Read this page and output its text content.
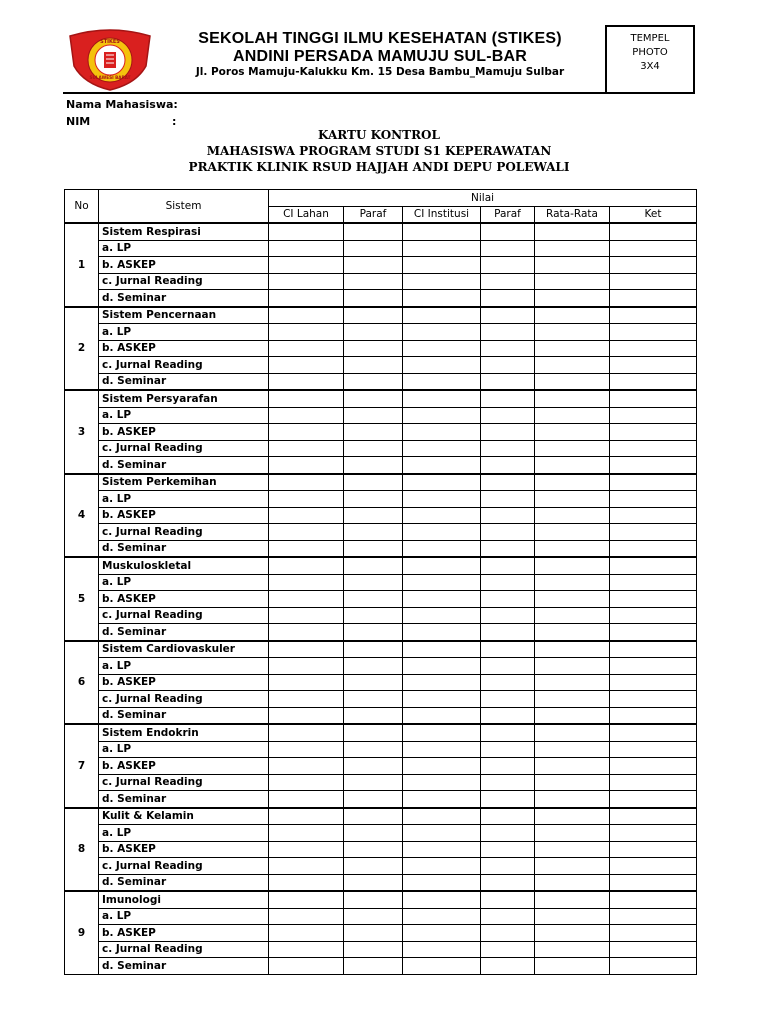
STIKES
SULAWESI BARAT
SEKOLAH TINGGI ILMU KESEHATAN (STIKES)
ANDINI PERSADA MAMUJU SUL-BAR
Jl. Poros Mamuju-Kalukku Km. 15 Desa Bambu_Mamuju Sulbar
TEMPEL
PHOTO
3X4
Nama Mahasiswa:
NIM	:
KARTU KONTROL
MAHASISWA PROGRAM STUDI S1 KEPERAWATAN
PRAKTIK KLINIK RSUD HAJJAH ANDI DEPU POLEWALI
No	Sistem	Nilai					
		CI Lahan	Paraf	CI Institusi	Paraf	Rata-Rata	Ket
1	Sistem Respirasi						
	a. LP						
	b. ASKEP						
	c. Jurnal Reading						
	d. Seminar						
2	Sistem Pencernaan						
	a. LP						
	b. ASKEP						
	c. Jurnal Reading						
	d. Seminar						
3	Sistem Persyarafan						
	a. LP						
	b. ASKEP						
	c. Jurnal Reading						
	d. Seminar						
4	Sistem Perkemihan						
	a. LP						
	b. ASKEP						
	c. Jurnal Reading						
	d. Seminar						
5	Muskuloskletal						
	a. LP						
	b. ASKEP						
	c. Jurnal Reading						
	d. Seminar						
6	Sistem Cardiovaskuler						
	a. LP						
	b. ASKEP						
	c. Jurnal Reading						
	d. Seminar						
7	Sistem Endokrin						
	a. LP						
	b. ASKEP						
	c. Jurnal Reading						
	d. Seminar						
8	Kulit & Kelamin						
	a. LP						
	b. ASKEP						
	c. Jurnal Reading						
	d. Seminar						
9	Imunologi						
	a. LP						
	b. ASKEP						
	c. Jurnal Reading						
	d. Seminar						
